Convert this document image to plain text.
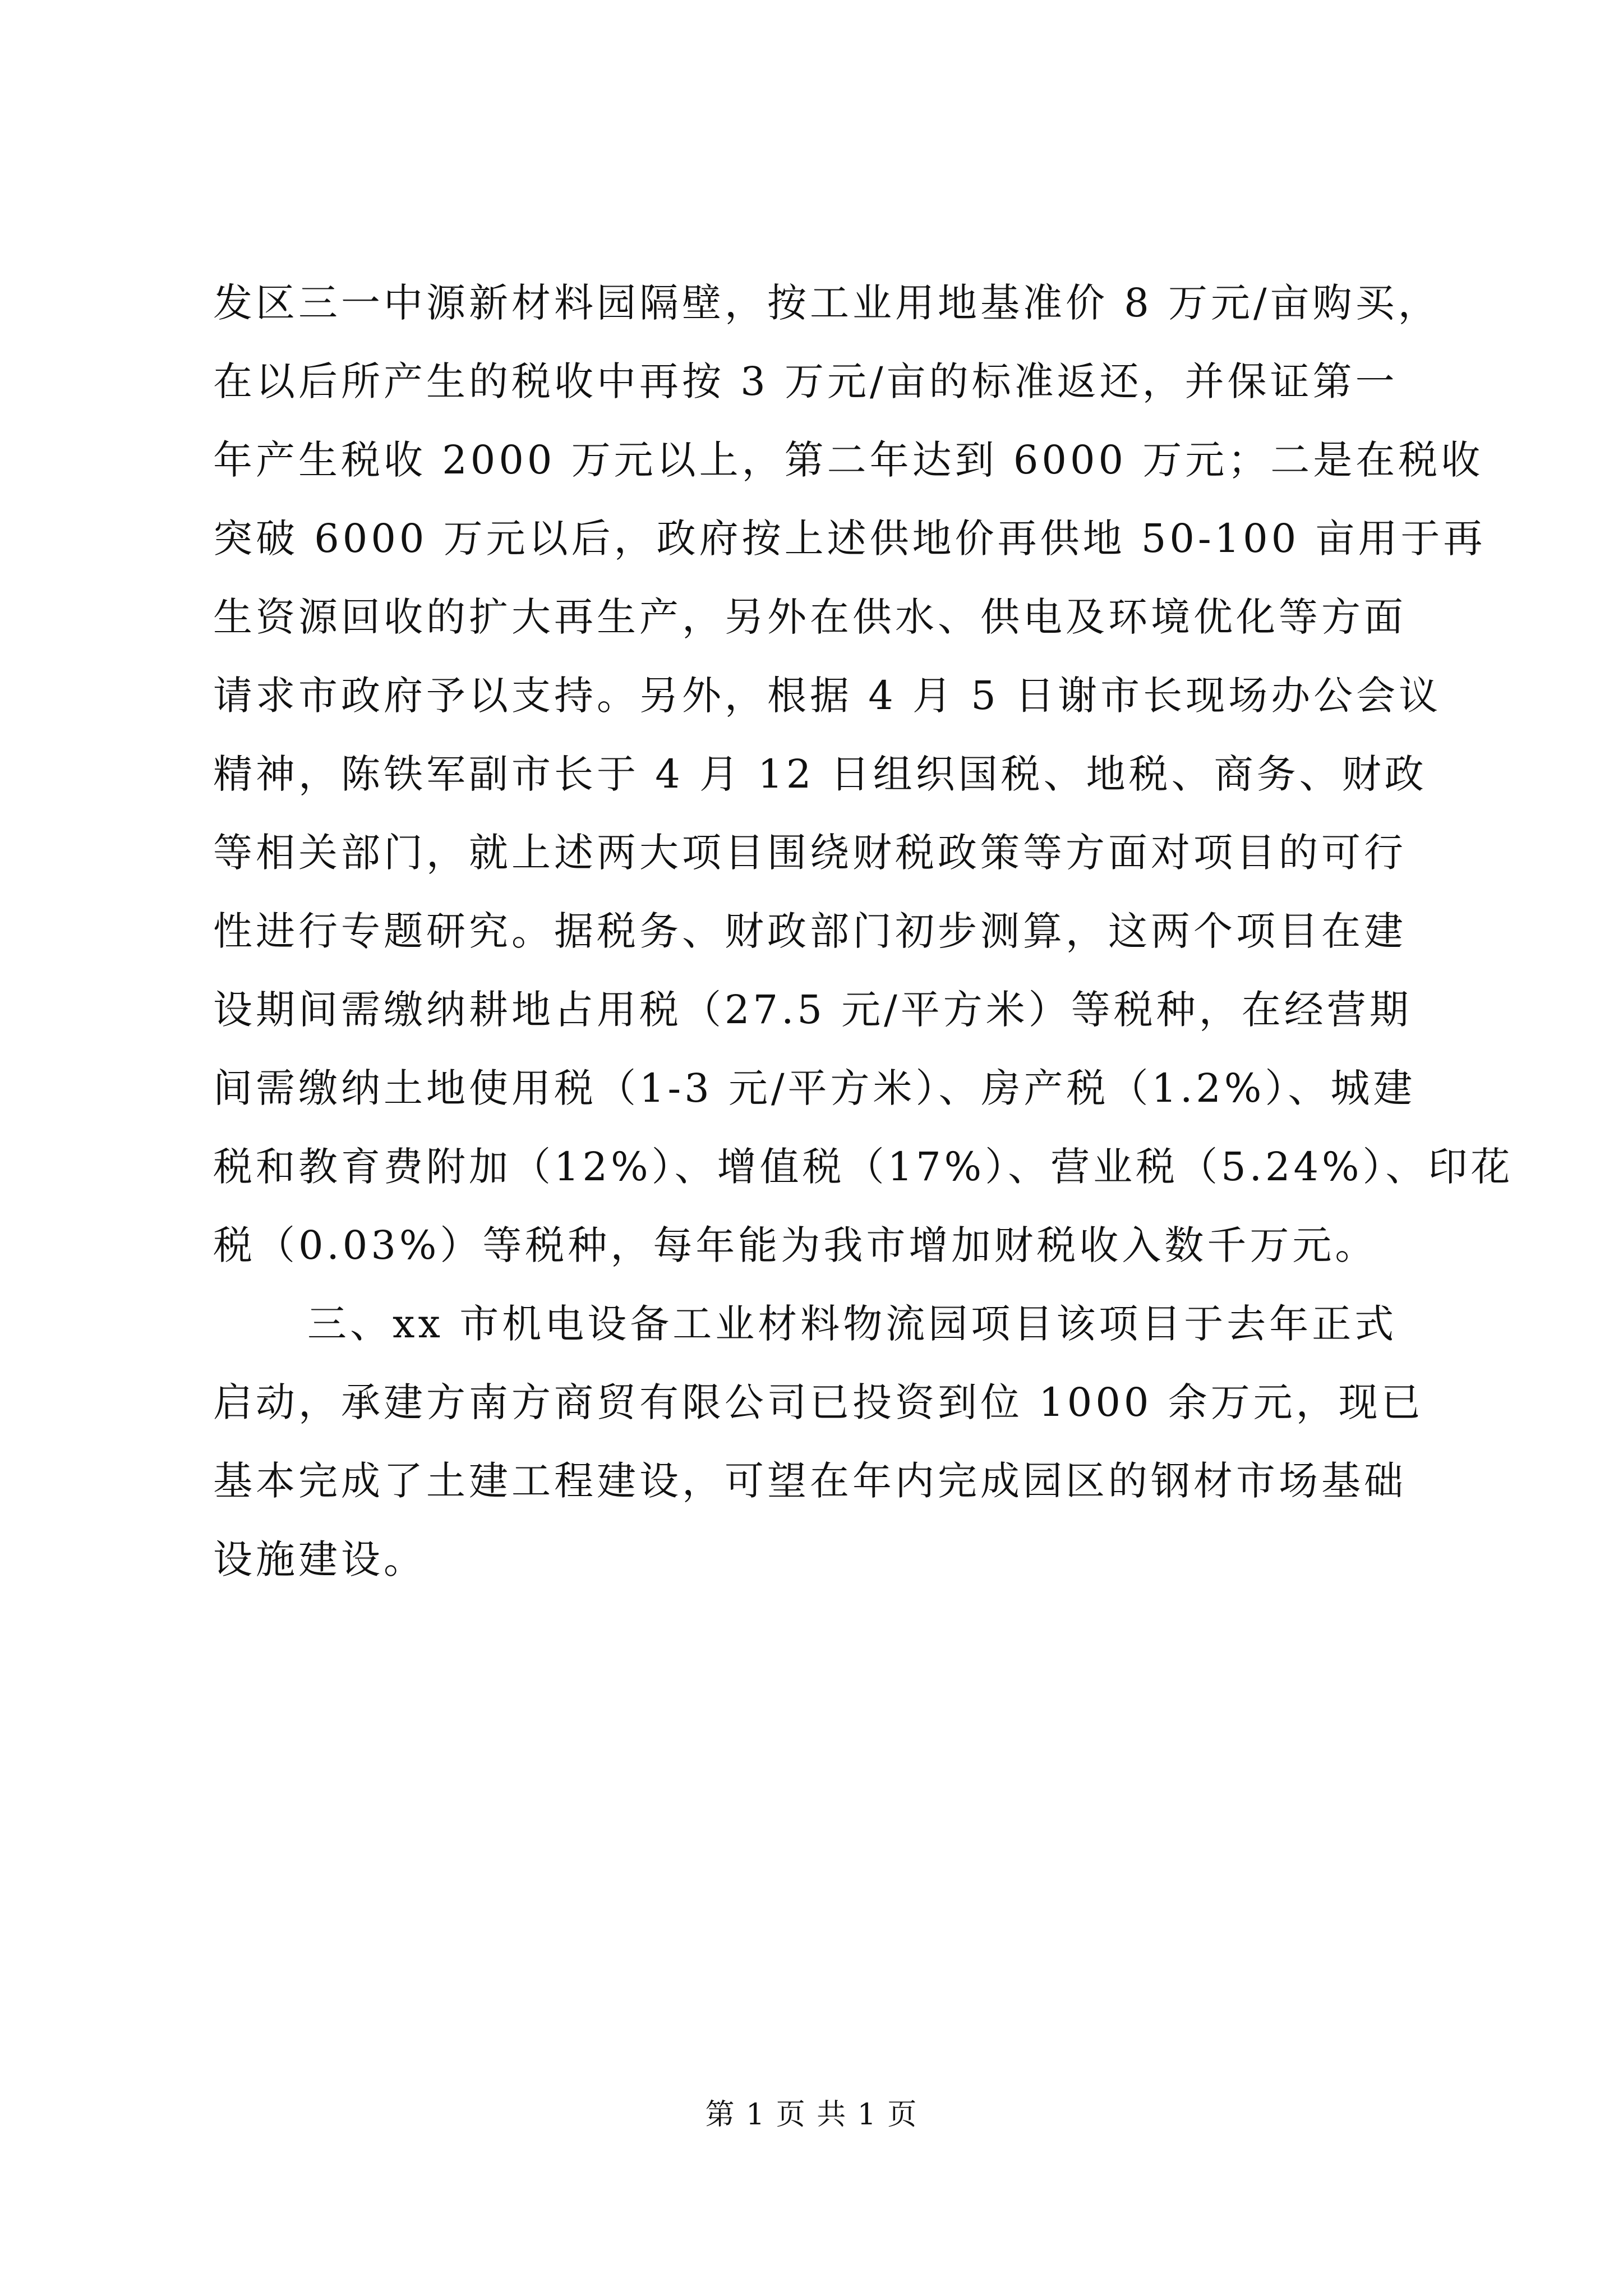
发区三一中源新材料园隔壁，按工业用地基准价 8 万元/亩购买，
在以后所产生的税收中再按 3 万元/亩的标准返还，并保证第一
年产生税收 2000 万元以上，第二年达到 6000 万元；二是在税收
突破 6000 万元以后，政府按上述供地价再供地 50-100 亩用于再
生资源回收的扩大再生产，另外在供水、供电及环境优化等方面
请求市政府予以支持。另外，根据 4 月 5 日谢市长现场办公会议
精神，陈铁军副市长于 4 月 12 日组织国税、地税、商务、财政
等相关部门，就上述两大项目围绕财税政策等方面对项目的可行
性进行专题研究。据税务、财政部门初步测算，这两个项目在建
设期间需缴纳耕地占用税（27.5 元/平方米）等税种，在经营期
间需缴纳土地使用税（1-3 元/平方米）、房产税（1.2%）、城建
税和教育费附加（12%）、增值税（17%）、营业税（5.24%）、印花
税（0.03%）等税种，每年能为我市增加财税收入数千万元。
三、xx 市机电设备工业材料物流园项目该项目于去年正式
启动，承建方南方商贸有限公司已投资到位 1000 余万元，现已
基本完成了土建工程建设，可望在年内完成园区的钢材市场基础
设施建设。
第 1 页 共 1 页
